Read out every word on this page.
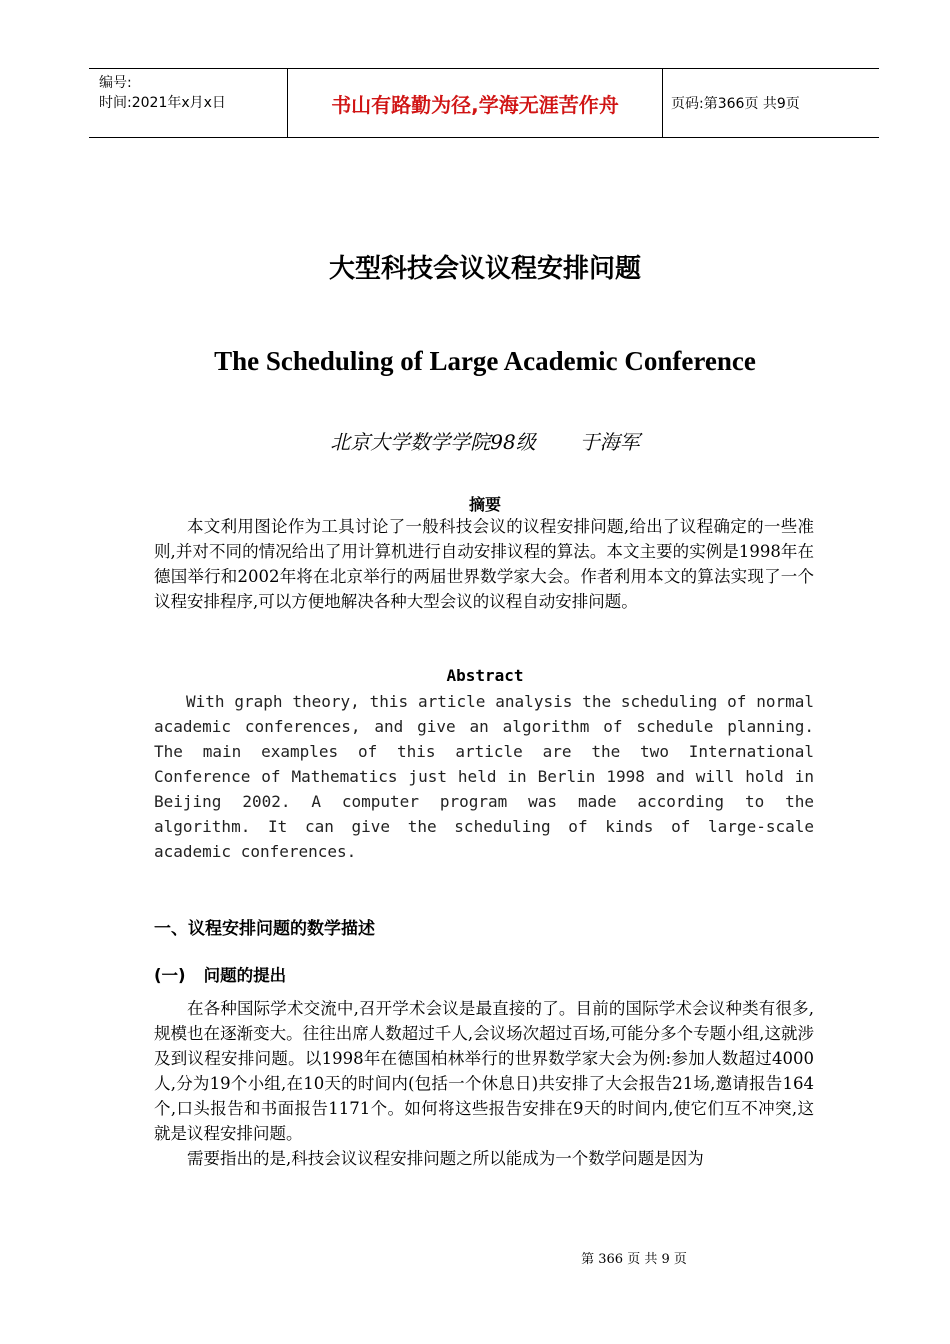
编号:
时间:2021年x月x日	书山有路勤为径,学海无涯苦作舟	页码:第366页 共9页
大型科技会议议程安排问题
The Scheduling of Large Academic Conference
北京大学数学学院98级 于海军
摘要

本文利用图论作为工具讨论了一般科技会议的议程安排问题,给出了议程确定的一些准则,并对不同的情况给出了用计算机进行自动安排议程的算法。本文主要的实例是1998年在德国举行和2002年将在北京举行的两届世界数学家大会。作者利用本文的算法实现了一个议程安排程序,可以方便地解决各种大型会议的议程自动安排问题。

Abstract

With graph theory, this article analysis the scheduling of normal academic conferences, and give an algorithm of schedule planning. The main examples of this article are the two International Conference of Mathematics just held in Berlin 1998 and will hold in Beijing 2002. A computer program was made according to the algorithm. It can give the scheduling of kinds of large-scale academic conferences.

一、议程安排问题的数学描述
(一) 问题的提出

在各种国际学术交流中,召开学术会议是最直接的了。目前的国际学术会议种类有很多,规模也在逐渐变大。往往出席人数超过千人,会议场次超过百场,可能分多个专题小组,这就涉及到议程安排问题。以1998年在德国柏林举行的世界数学家大会为例:参加人数超过4000人,分为19个小组,在10天的时间内(包括一个休息日)共安排了大会报告21场,邀请报告164个,口头报告和书面报告1171个。如何将这些报告安排在9天的时间内,使它们互不冲突,这就是议程安排问题。

需要指出的是,科技会议议程安排问题之所以能成为一个数学问题是因为

第 366 页 共 9 页
